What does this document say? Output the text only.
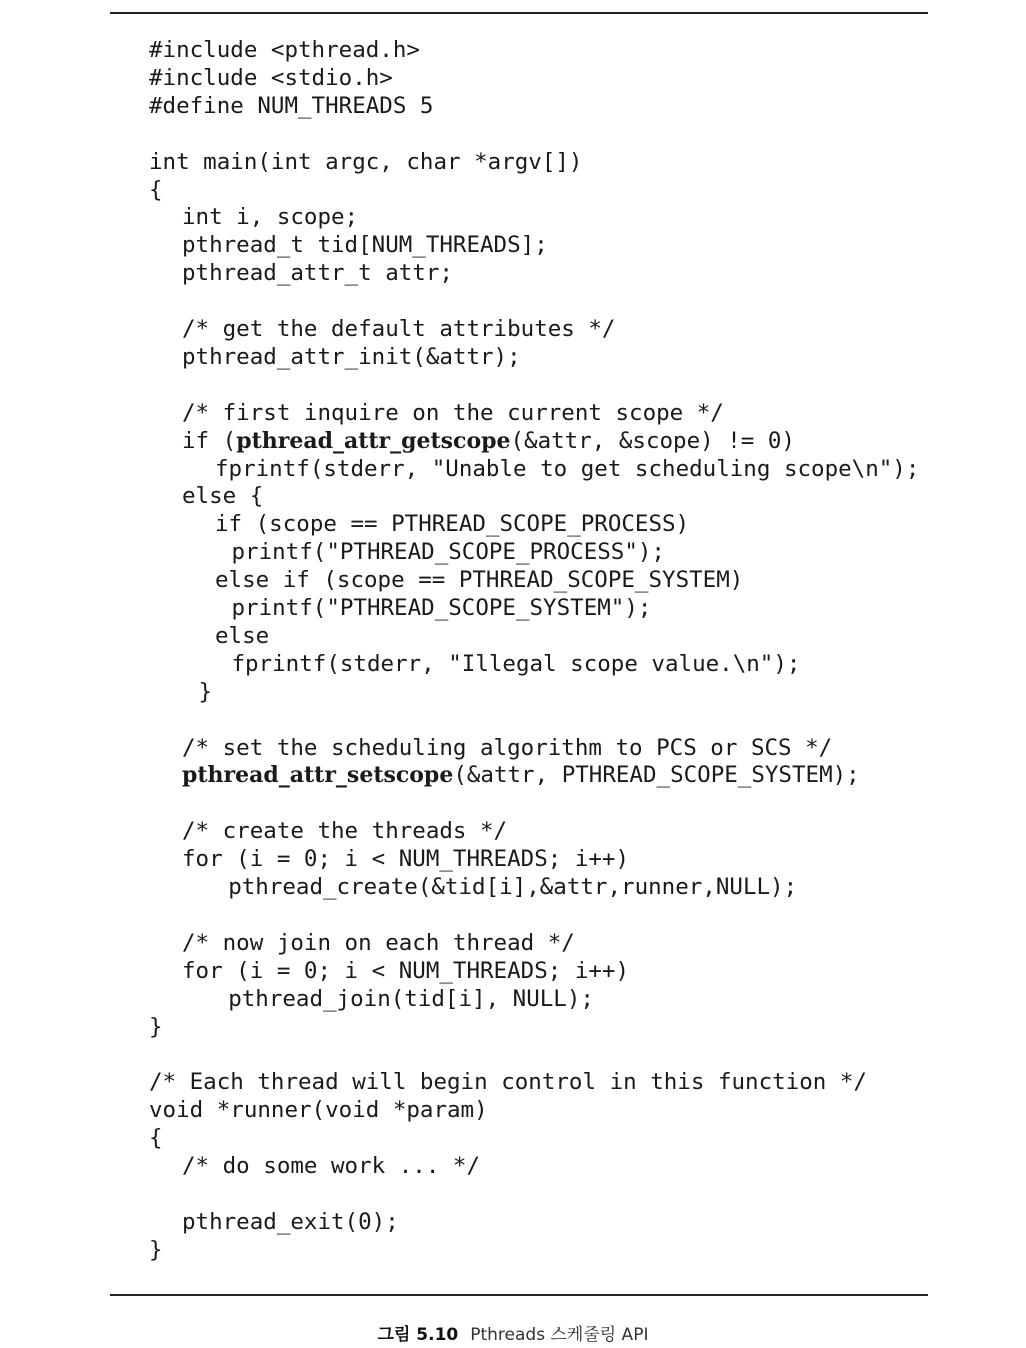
#include <pthread.h>
#include <stdio.h>
#define NUM_THREADS 5
int main(int argc, char *argv[])
{
int i, scope;
pthread_t tid[NUM_THREADS];
pthread_attr_t attr;
/* get the default attributes */
pthread_attr_init(&attr);
/* first inquire on the current scope */
if (pthread_attr_getscope(&attr, &scope) != 0)
fprintf(stderr, "Unable to get scheduling scope\n");
else {
if (scope == PTHREAD_SCOPE_PROCESS)
printf("PTHREAD_SCOPE_PROCESS");
else if (scope == PTHREAD_SCOPE_SYSTEM)
printf("PTHREAD_SCOPE_SYSTEM");
else
fprintf(stderr, "Illegal scope value.\n");
}
/* set the scheduling algorithm to PCS or SCS */
pthread_attr_setscope(&attr, PTHREAD_SCOPE_SYSTEM);
/* create the threads */
for (i = 0; i < NUM_THREADS; i++)
pthread_create(&tid[i],&attr,runner,NULL);
/* now join on each thread */
for (i = 0; i < NUM_THREADS; i++)
pthread_join(tid[i], NULL);
}
/* Each thread will begin control in this function */
void *runner(void *param)
{
/* do some work ... */
pthread_exit(0);
}
그림 5.10 Pthreads 스케줄링 API
